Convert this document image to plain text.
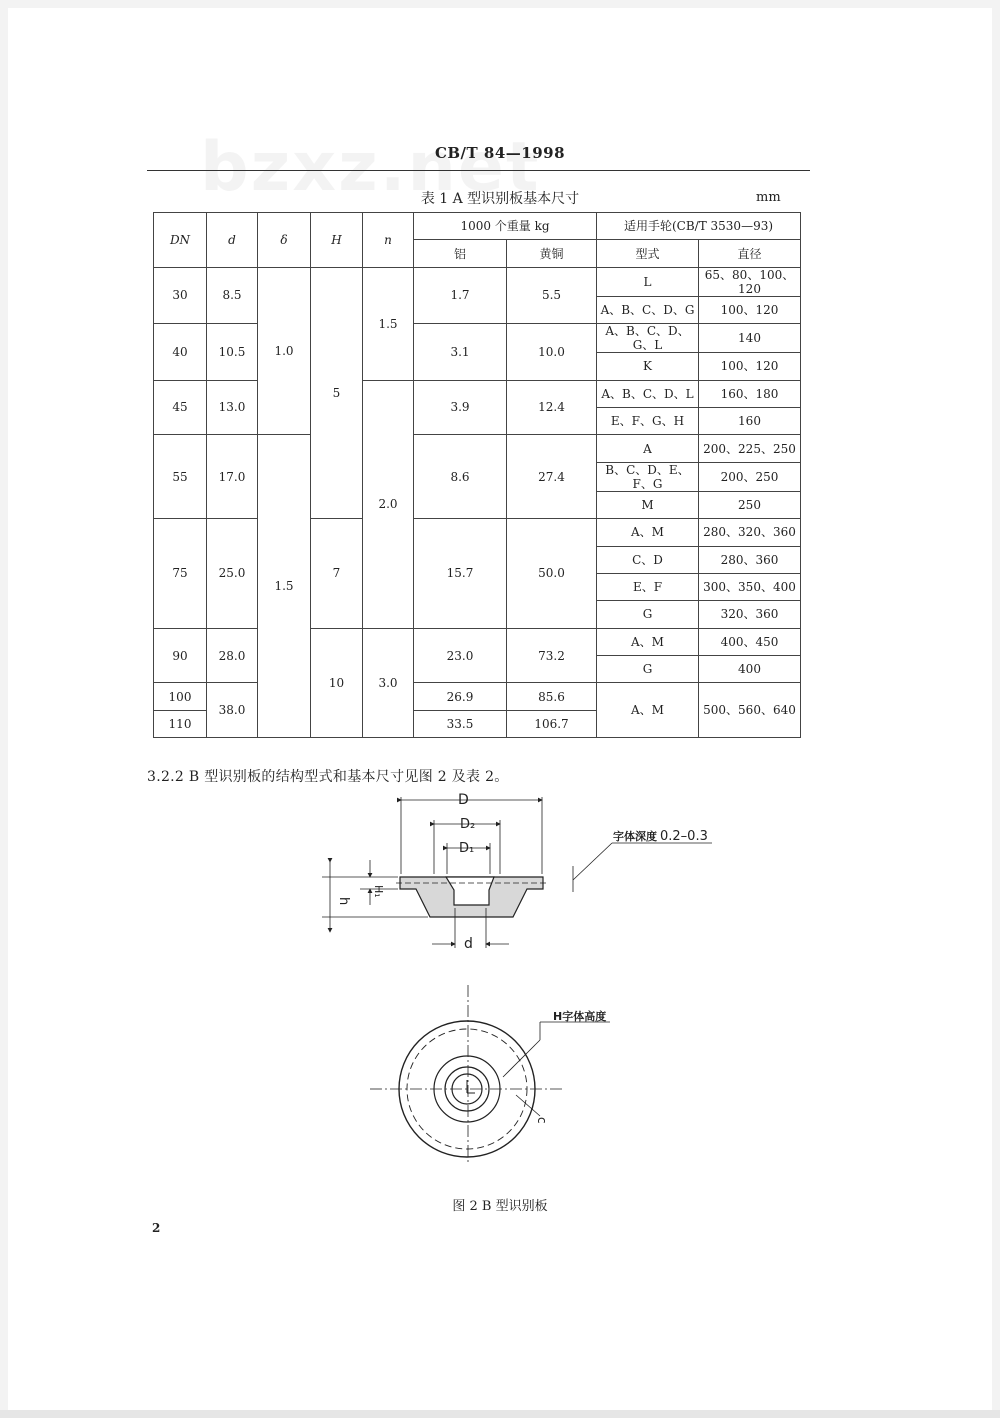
CB/T 84—1998
表 1 A 型识别板基本尺寸	mm
DN	d	δ	H	n	1000 个重量 kg		适用手轮(CB/T 3530—93)	
					铝	黄铜	型式	直径
30	8.5	1.0	5	1.5	1.7	5.5	L	65、80、100、120
							A、B、C、D、G	100、120
40	10.5				3.1	10.0	A、B、C、D、G、L	140
							K	100、120
45	13.0			2.0	3.9	12.4	A、B、C、D、L	160、180
							E、F、G、H	160
55	17.0	1.5			8.6	27.4	A	200、225、250
							B、C、D、E、F、G	200、250
							M	250
75	25.0		7		15.7	50.0	A、M	280、320、360
							C、D	280、360
							E、F	300、350、400
							G	320、360
90	28.0		10	3.0	23.0	73.2	A、M	400、450
							G	400
100	38.0				26.9	85.6	A、M	500、560、640
110					33.5	106.7		
3.2.2 B 型识别板的结构型式和基本尺寸见图 2 及表 2。
D
D₂
D₁
d
h
H₁
字体深度 0.2–0.3
H字体高度
c
图 2 B 型识别板
2
